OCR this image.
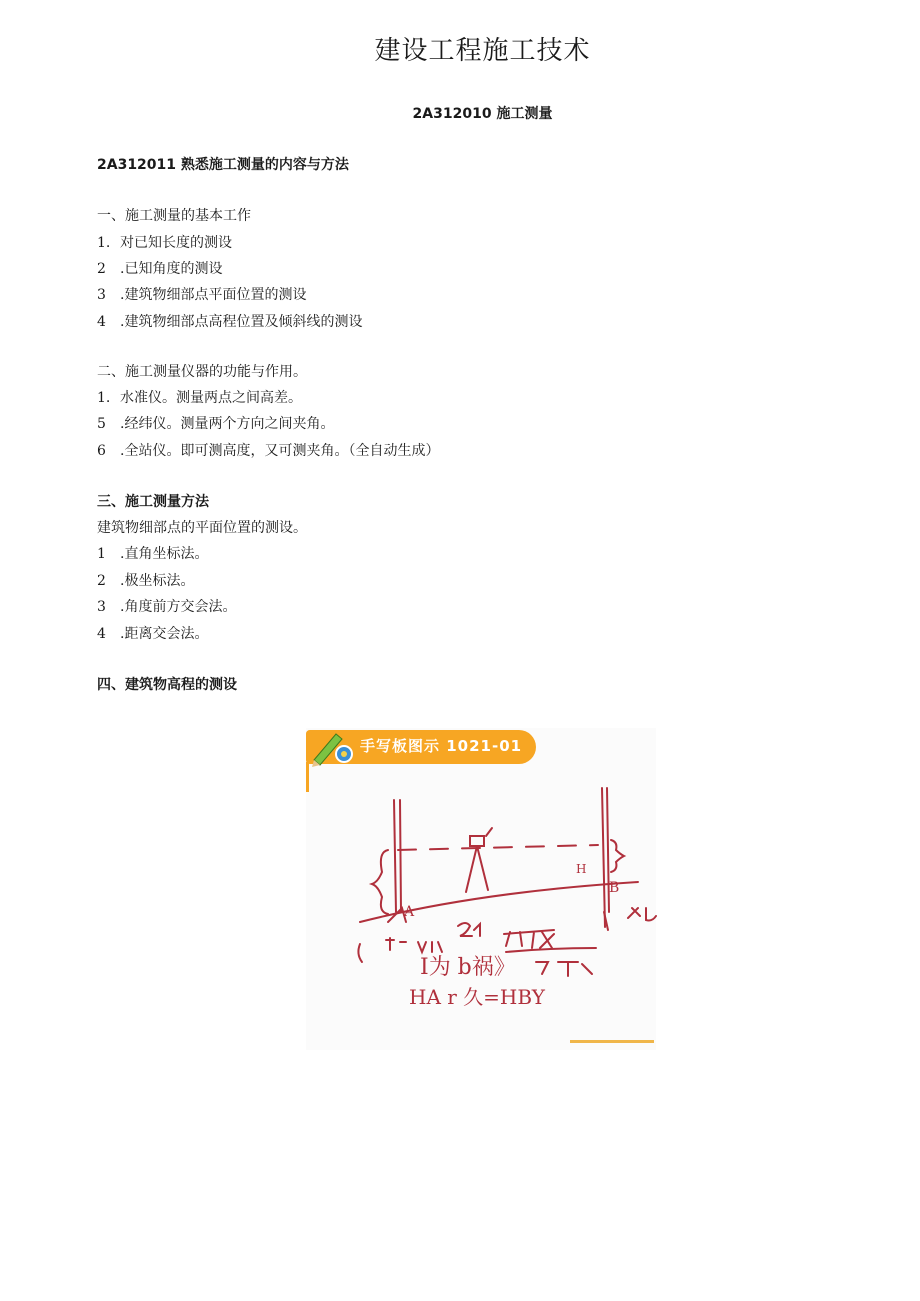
建设工程施工技术
2A312010 施工测量
2A312011 熟悉施工测量的内容与方法
一、施工测量的基本工作
1. 对已知长度的测设
2 .已知角度的测设
3 .建筑物细部点平面位置的测设
4 .建筑物细部点高程位置及倾斜线的测设
二、施工测量仪器的功能与作用。
1. 水准仪。测量两点之间高差。
5 .经纬仪。测量两个方向之间夹角。
6 .全站仪。即可测高度，又可测夹角。（全自动生成）
三、施工测量方法
建筑物细部点的平面位置的测设。
1 .直角坐标法。
2 .极坐标法。
3 .角度前方交会法。
4 .距离交会法。
四、建筑物高程的测设
手写板图示 1021-01
A
B
H
I为 b祸》
HA r 久=HBY
